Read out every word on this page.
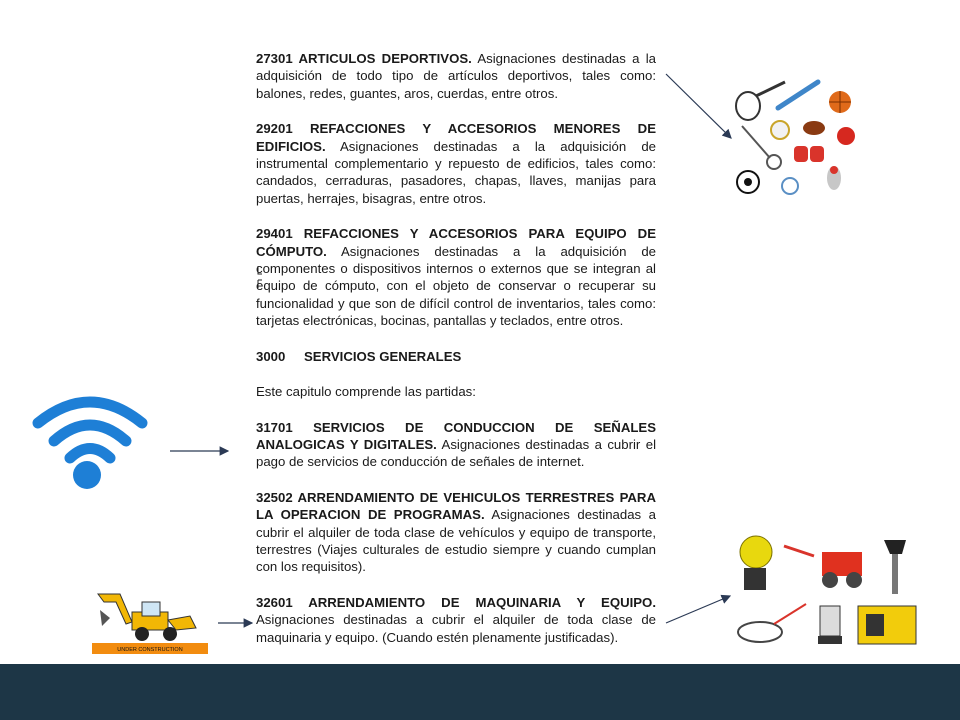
27301 ARTICULOS DEPORTIVOS. Asignaciones destinadas a la adquisición de todo tipo de artículos deportivos, tales como: balones, redes, guantes, aros, cuerdas, entre otros.

29201 REFACCIONES Y ACCESORIOS MENORES DE EDIFICIOS. Asignaciones destinadas a la adquisición de instrumental complementario y repuesto de edificios, tales como: candados, cerraduras, pasadores, chapas, llaves, manijas para puertas, herrajes, bisagras, entre otros.

29401 REFACCIONES Y ACCESORIOS PARA EQUIPO DE CÓMPUTO. Asignaciones destinadas a la adquisición de componentes o dispositivos internos o externos que se integran al equipo de cómputo, con el objeto de conservar o recuperar su funcionalidad y que son de difícil control de inventarios, tales como: tarjetas electrónicas, bocinas, pantallas y teclados, entre otros.

3000 SERVICIOS GENERALES

Este capitulo comprende las partidas:

31701 SERVICIOS DE CONDUCCION DE SEÑALES ANALOGICAS Y DIGITALES. Asignaciones destinadas a cubrir el pago de servicios de conducción de señales de internet.

32502 ARRENDAMIENTO DE VEHICULOS TERRESTRES PARA LA OPERACION DE PROGRAMAS. Asignaciones destinadas a cubrir el alquiler de toda clase de vehículos y equipo de transporte, terrestres (Viajes culturales de estudio siempre y cuando cumplan con los requisitos).

32601 ARRENDAMIENTO DE MAQUINARIA Y EQUIPO. Asignaciones destinadas a cubrir el alquiler de toda clase de maquinaria y equipo. (Cuando estén plenamente justificadas).

UNDER CONSTRUCTION
